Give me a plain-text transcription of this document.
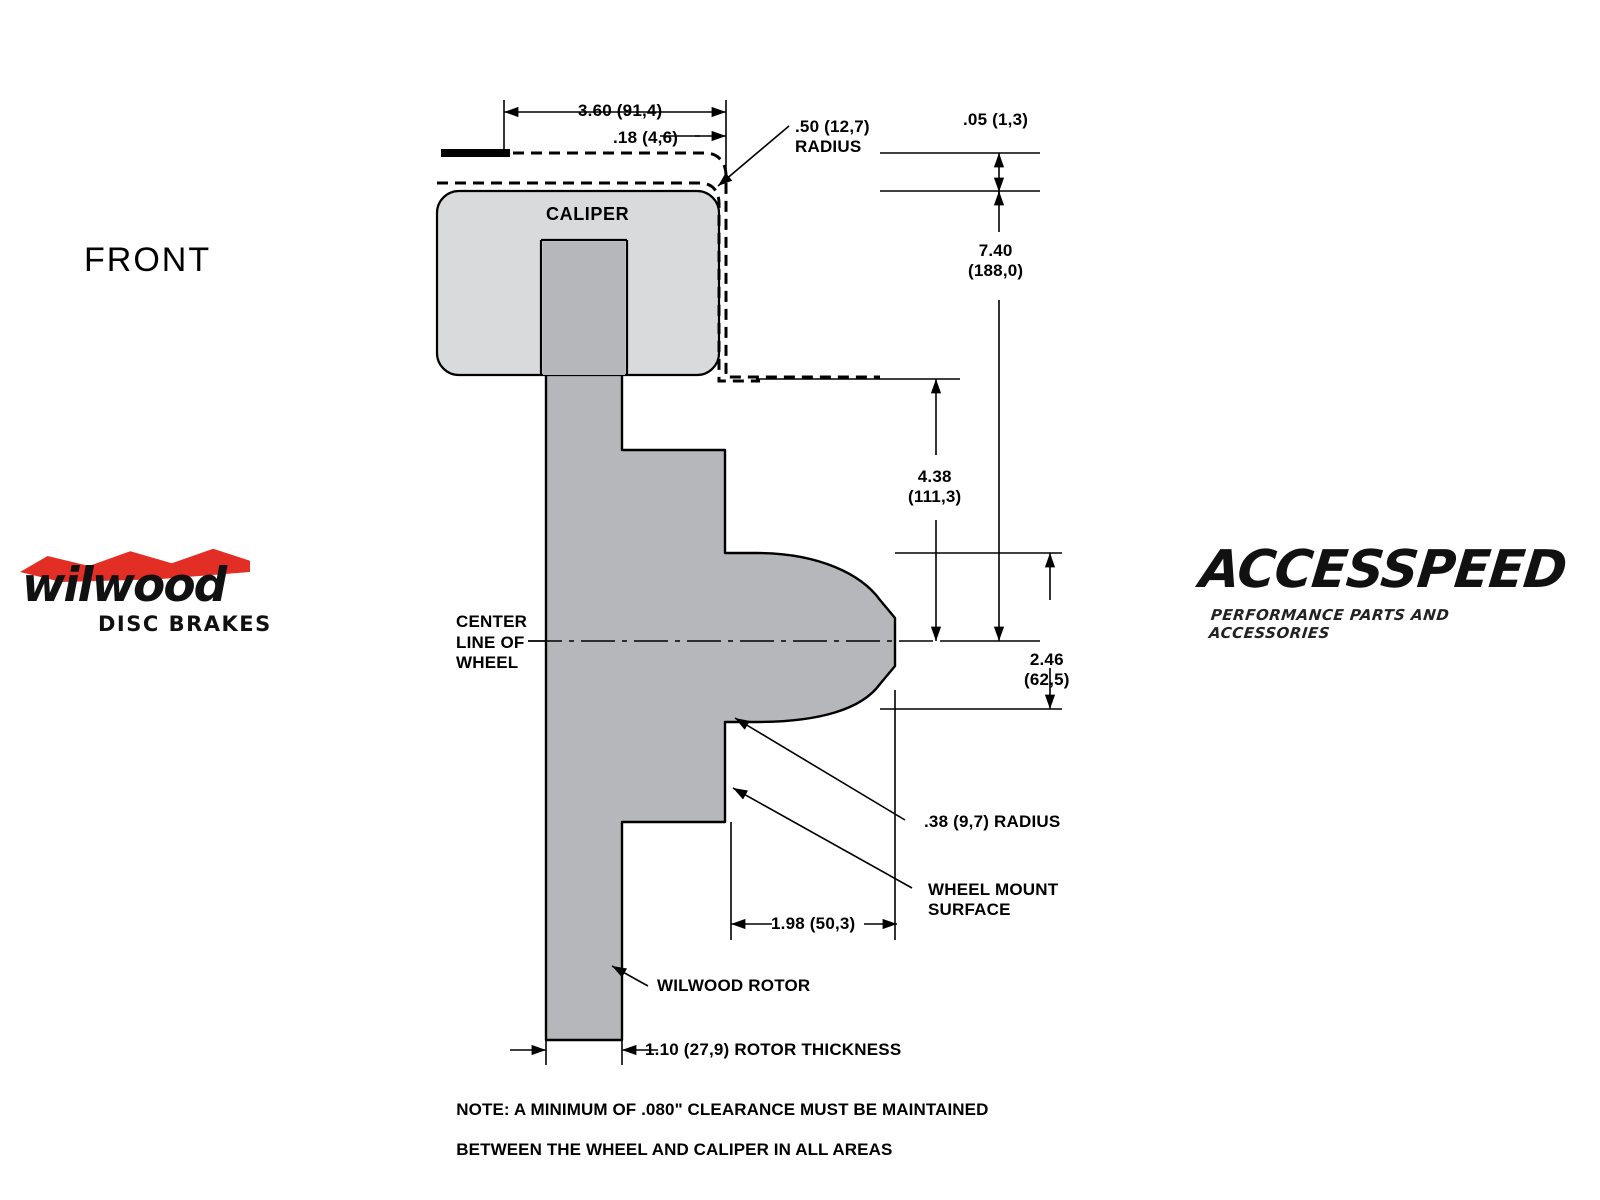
FRONT
wilwood
DISC BRAKES
ACCESSPEED
PERFORMANCE PARTS AND ACCESSORIES
CALIPER
3.60 (91,4)
.18 (4,6)
.50 (12,7)
RADIUS
.05 (1,3)
7.40
(188,0)
4.38
(111,3)
2.46
(62,5)
.38 (9,7) RADIUS
WHEEL MOUNT
SURFACE
1.98 (50,3)
WILWOOD ROTOR
1.10 (27,9) ROTOR THICKNESS
CENTER
LINE OF
WHEEL

NOTE: A MINIMUM OF .080" CLEARANCE MUST BE MAINTAINED

BETWEEN THE WHEEL AND CALIPER IN ALL AREAS
